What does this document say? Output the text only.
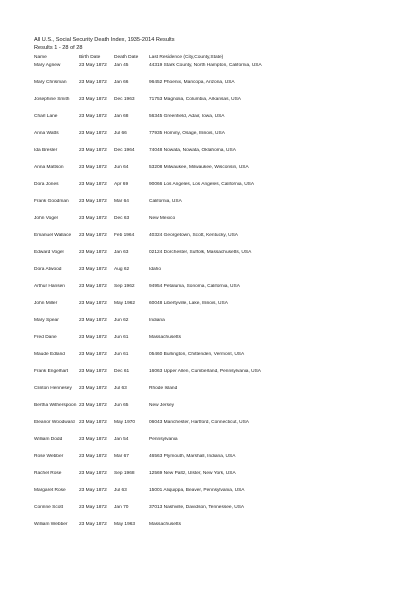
All U.S., Social Security Death Index, 1935-2014 Results
Results 1 - 28 of 28
Name	Birth Date	Death Date	Last Residence (City,County,State)
Mary Agnew	23 May 1872	Jan 45	44319 Stark County, North Hampton, California, USA
Mary Chrisman	23 May 1872	Jan 66	96452 Phoenix, Maricopa, Arizona, USA
Josephine Smith	23 May 1872	Dec 1963	71753 Magnolia, Columbia, Arkansas, USA
Charl Lane	23 May 1872	Jan 68	56345 Greenfield, Adair, Iowa, USA
Anna Watts	23 May 1872	Jul 66	77935 Hominy, Osage, Illinois, USA
Ida Bresler	23 May 1872	Dec 1964	74048 Nowata, Nowata, Oklahoma, USA
Anna Mattson	23 May 1872	Jun 64	53208 Milwaukee, Milwaukee, Wisconsin, USA
Dora Jones	23 May 1872	Apr 69	90066 Los Angeles, Los Angeles, California, USA
Frank Goodman	23 May 1872	Mar 64	California, USA
John Vogel	23 May 1872	Dec 63	New Mexico
Emanuel Wallace	23 May 1872	Feb 1964	40324 Georgetown, Scott, Kentucky, USA
Edward Vogel	23 May 1872	Jan 63	02124 Dorchester, Suffolk, Massachusetts, USA
Dora Atwood	23 May 1872	Aug 62	Idaho
Arthur Hansen	23 May 1872	Sep 1962	94954 Petaluma, Sonoma, California, USA
John Miller	23 May 1872	May 1962	60048 Libertyville, Lake, Illinois, USA
Mary Spear	23 May 1872	Jun 62	Indiana
Fred Dane	23 May 1872	Jun 61	Massachusetts
Maude Edland	23 May 1872	Jun 61	05460 Burlington, Chittenden, Vermont, USA
Frank Engelhart	23 May 1872	Dec 61	16063 Upper Allen, Cumberland, Pennsylvania, USA
Clinton Hennesey	23 May 1872	Jul 63	Rhode Island
Bertha Witherspoon	23 May 1872	Jun 65	New Jersey
Eleanor Woodward	23 May 1872	May 1970	06043 Manchester, Hartford, Connecticut, USA
William Dodd	23 May 1872	Jan 54	Pennsylvania
Rose Webber	23 May 1872	Mar 67	46563 Plymouth, Marshall, Indiana, USA
Rachel Rose	23 May 1872	Sep 1968	12569 New Paltz, Ulster, New York, USA
Margaret Rose	23 May 1872	Jul 63	15001 Aliquippa, Beaver, Pennsylvania, USA
Corinne Scott	23 May 1872	Jan 70	37013 Nashville, Davidson, Tennessee, USA
William Webber	23 May 1872	May 1963	Massachusetts
